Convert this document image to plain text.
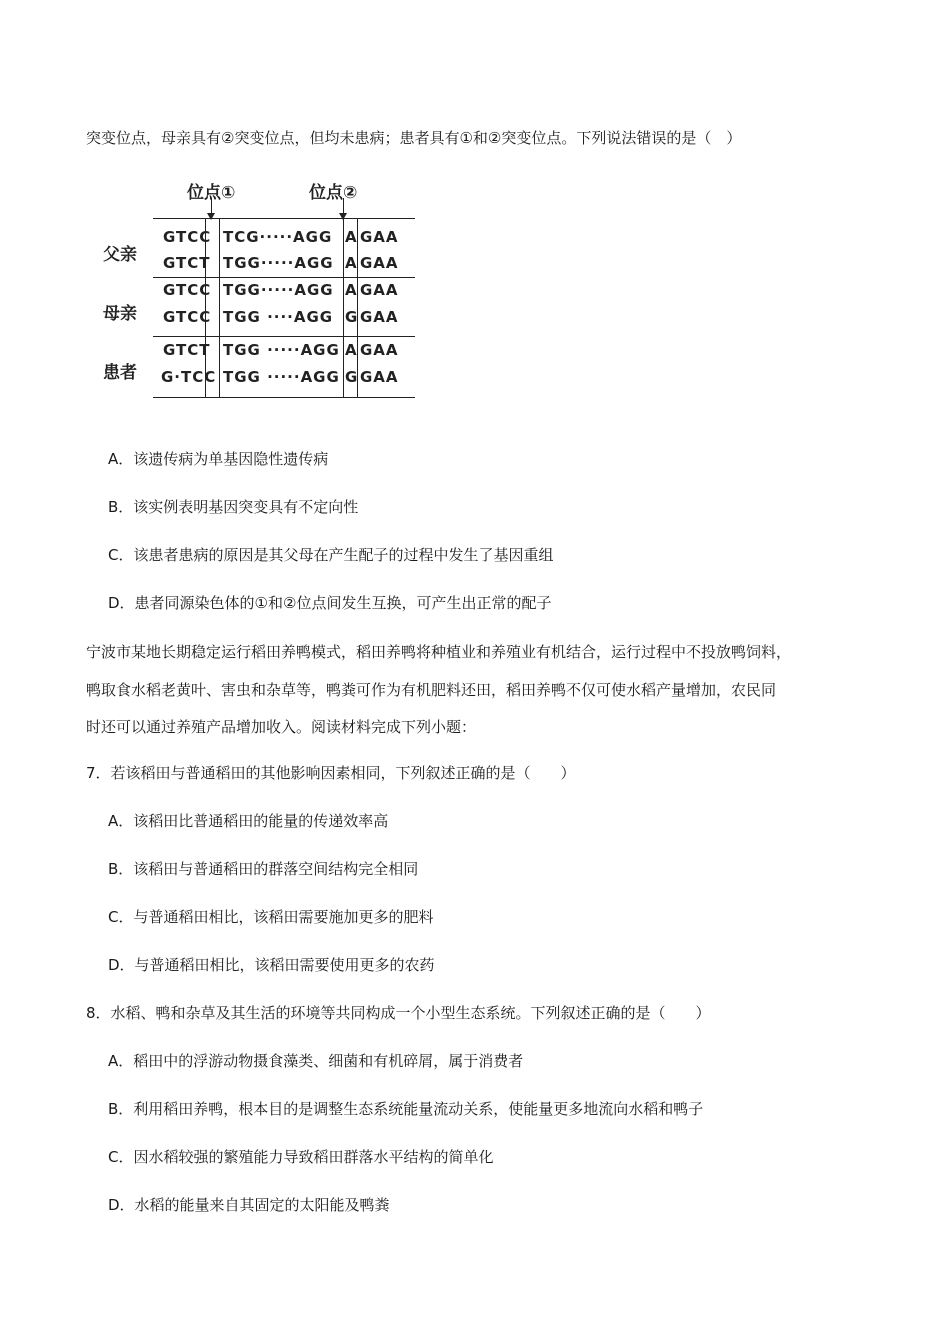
突变位点，母亲具有②突变位点，但均未患病；患者具有①和②突变位点。下列说法错误的是（　）
位点①	位点②
父亲
母亲
患者
GTCC TCG·····AGG A GAA
GTCT TGG·····AGG A GAA
GTCC TGG·····AGG A GAA
GTCC TGG ····AGG G GAA
GTCT TGG ·····AGG A GAA
G·TCC TGG ·····AGG G GAA
A．该遗传病为单基因隐性遗传病
B．该实例表明基因突变具有不定向性
C．该患者患病的原因是其父母在产生配子的过程中发生了基因重组
D．患者同源染色体的①和②位点间发生互换，可产生出正常的配子
宁波市某地长期稳定运行稻田养鸭模式，稻田养鸭将种植业和养殖业有机结合，运行过程中不投放鸭饲料，
鸭取食水稻老黄叶、害虫和杂草等，鸭粪可作为有机肥料还田，稻田养鸭不仅可使水稻产量增加，农民同
时还可以通过养殖产品增加收入。阅读材料完成下列小题：
7．若该稻田与普通稻田的其他影响因素相同，下列叙述正确的是（　　）
A．该稻田比普通稻田的能量的传递效率高
B．该稻田与普通稻田的群落空间结构完全相同
C．与普通稻田相比，该稻田需要施加更多的肥料
D．与普通稻田相比，该稻田需要使用更多的农药
8．水稻、鸭和杂草及其生活的环境等共同构成一个小型生态系统。下列叙述正确的是（　　）
A．稻田中的浮游动物摄食藻类、细菌和有机碎屑，属于消费者
B．利用稻田养鸭，根本目的是调整生态系统能量流动关系，使能量更多地流向水稻和鸭子
C．因水稻较强的繁殖能力导致稻田群落水平结构的简单化
D．水稻的能量来自其固定的太阳能及鸭粪
